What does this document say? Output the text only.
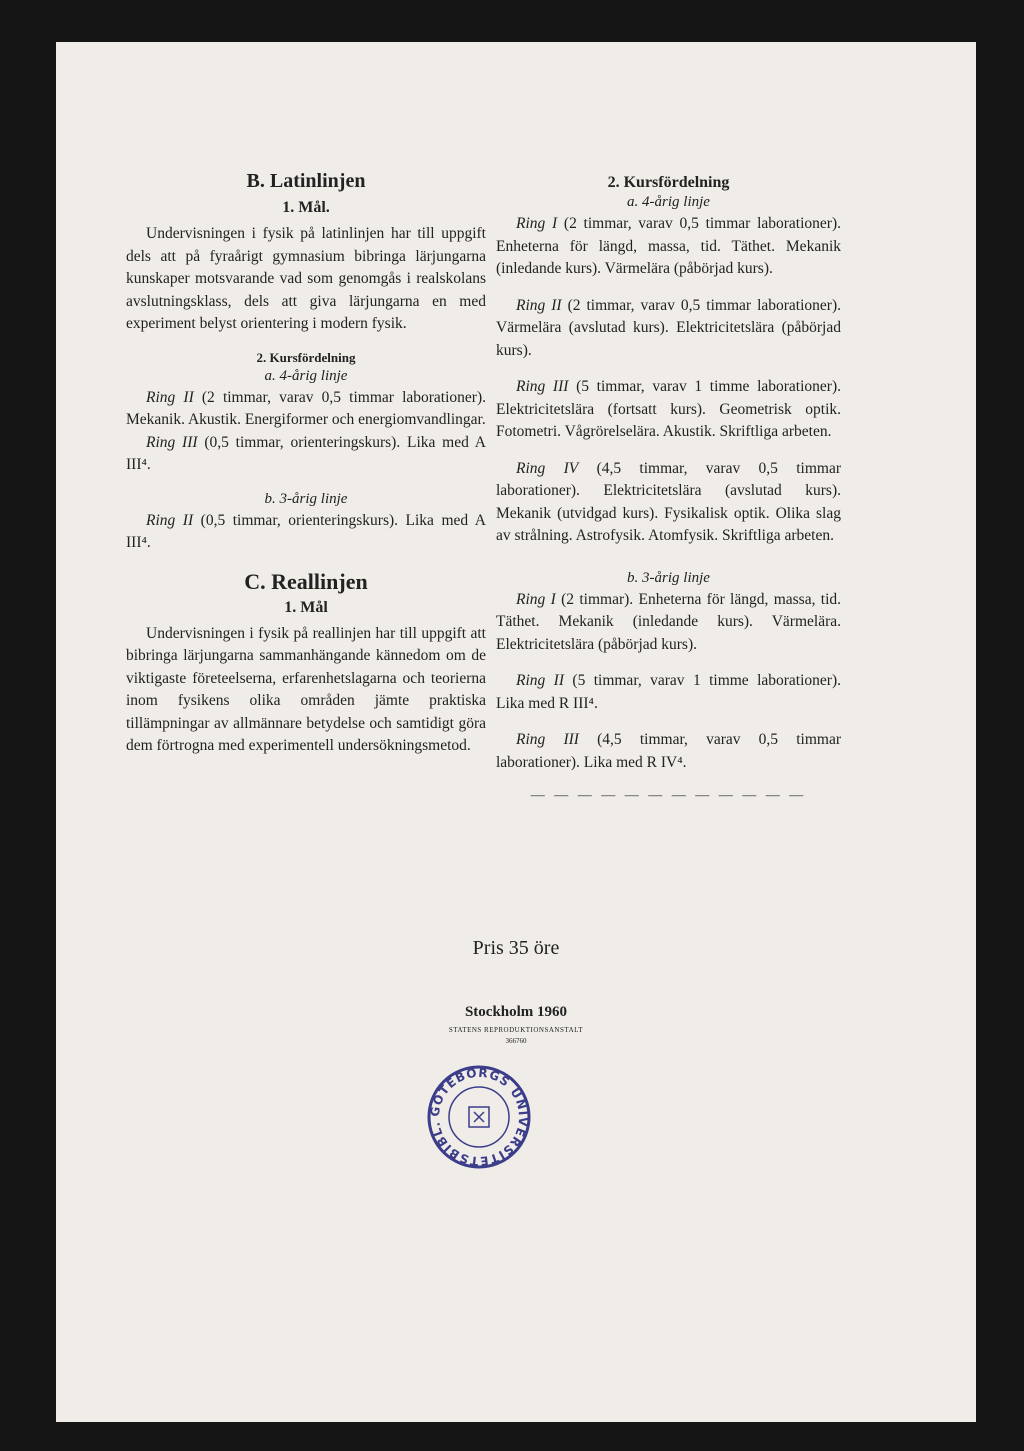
B. Latinlinjen
1. Mål.

Undervisningen i fysik på latinlinjen har till uppgift dels att på fyraårigt gymnasium bibringa lärjungarna kunskaper motsvarande vad som genomgås i realskolans avslutningsklass, dels att giva lärjungarna en med experiment belyst orientering i modern fysik.

2. Kursfördelning
a. 4-årig linje

Ring II (2 timmar, varav 0,5 timmar laborationer). Mekanik. Akustik. Energiformer och energiomvandlingar.

Ring III (0,5 timmar, orienteringskurs). Lika med A III⁴.

b. 3-årig linje

Ring II (0,5 timmar, orienteringskurs). Lika med A III⁴.

C. Reallinjen
1. Mål

Undervisningen i fysik på reallinjen har till uppgift att bibringa lärjungarna sammanhängande kännedom om de viktigaste företeelserna, erfarenhetslagarna och teorierna inom fysikens olika områden jämte praktiska tillämpningar av allmännare betydelse och samtidigt göra dem förtrogna med experimentell undersökningsmetod.

2. Kursfördelning
a. 4-årig linje

Ring I (2 timmar, varav 0,5 timmar laborationer). Enheterna för längd, massa, tid. Täthet. Mekanik (inledande kurs). Värmelära (påbörjad kurs).

Ring II (2 timmar, varav 0,5 timmar laborationer). Värmelära (avslutad kurs). Elektricitetslära (påbörjad kurs).

Ring III (5 timmar, varav 1 timme laborationer). Elektricitetslära (fortsatt kurs). Geometrisk optik. Fotometri. Vågrörelselära. Akustik. Skriftliga arbeten.

Ring IV (4,5 timmar, varav 0,5 timmar laborationer). Elektricitetslära (avslutad kurs). Mekanik (utvidgad kurs). Fysikalisk optik. Olika slag av strålning. Astrofysik. Atomfysik. Skriftliga arbeten.

b. 3-årig linje

Ring I (2 timmar). Enheterna för längd, massa, tid. Täthet. Mekanik (inledande kurs). Värmelära. Elektricitetslära (påbörjad kurs).

Ring II (5 timmar, varav 1 timme laborationer). Lika med R III⁴.

Ring III (4,5 timmar, varav 0,5 timmar laborationer). Lika med R IV⁴.

— — — — — — — — — — — —
Pris 35 öre
Stockholm 1960
STATENS REPRODUKTIONSANSTALT
366760
GÖTEBORGS UNIVERSITETSBIBL.
